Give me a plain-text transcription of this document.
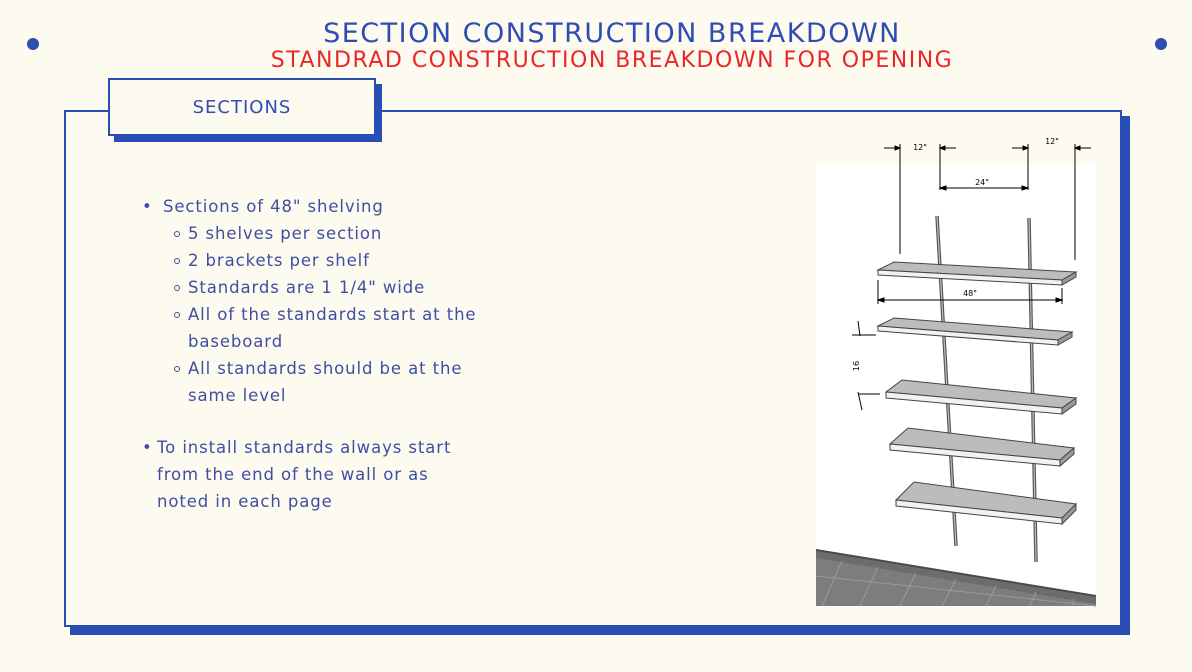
SECTION CONSTRUCTION BREAKDOWN
STANDRAD CONSTRUCTION BREAKDOWN FOR OPENING
SECTIONS
• Sections of 48" shelving
5 shelves per section
2 brackets per shelf
Standards are 1 1/4" wide
All of the standards start at the baseboard
All standards should be at the same level
• To install standards always start from the end of the wall or as noted in each page
12"
12"
24"
48"
16
